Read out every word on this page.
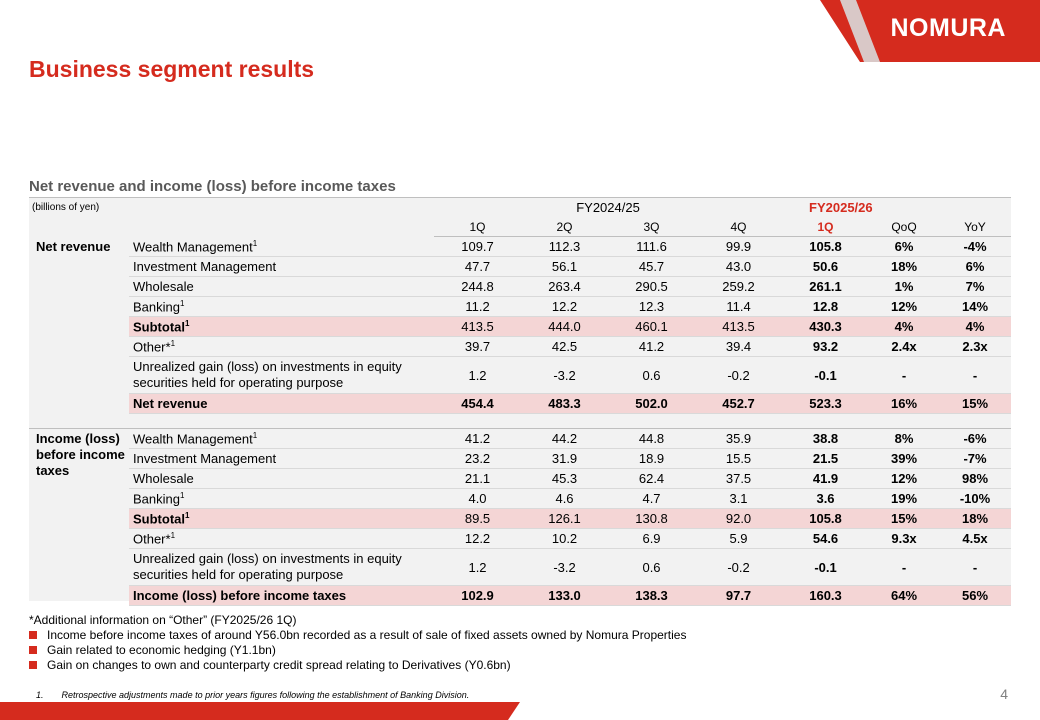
NOMURA
Business segment results
Net revenue and income (loss) before income taxes
(billions of yen)		FY2024/25				FY2025/26		
		1Q	2Q	3Q	4Q	1Q	QoQ	YoY
Net revenue	Wealth Management$^1$	109.7	112.3	111.6	99.9	105.8	6%	-4%
	Investment Management	47.7	56.1	45.7	43.0	50.6	18%	6%
	Wholesale	244.8	263.4	290.5	259.2	261.1	1%	7%
	Banking$^1$	11.2	12.2	12.3	11.4	12.8	12%	14%
	Subtotal$^1$	413.5	444.0	460.1	413.5	430.3	4%	4%
	Other*$^1$	39.7	42.5	41.2	39.4	93.2	2.4x	2.3x
	Unrealized gain (loss) on investments in equity securities held for operating purpose	1.2	-3.2	0.6	-0.2	-0.1	-	-
	Net revenue	454.4	483.3	502.0	452.7	523.3	16%	15%

Income (loss) before income taxes	Wealth Management$^1$	41.2	44.2	44.8	35.9	38.8	8%	-6%
	Investment Management	23.2	31.9	18.9	15.5	21.5	39%	-7%
	Wholesale	21.1	45.3	62.4	37.5	41.9	12%	98%
	Banking$^1$	4.0	4.6	4.7	3.1	3.6	19%	-10%
	Subtotal$^1$	89.5	126.1	130.8	92.0	105.8	15%	18%
	Other*$^1$	12.2	10.2	6.9	5.9	54.6	9.3x	4.5x
	Unrealized gain (loss) on investments in equity securities held for operating purpose	1.2	-3.2	0.6	-0.2	-0.1	-	-
	Income (loss) before income taxes	102.9	133.0	138.3	97.7	160.3	64%	56%
*Additional information on “Other” (FY2025/26 1Q)
Income before income taxes of around Y56.0bn recorded as a result of sale of fixed assets owned by Nomura Properties
Gain related to economic hedging (Y1.1bn)
Gain on changes to own and counterparty credit spread relating to Derivatives (Y0.6bn)
1.  Retrospective adjustments made to prior years figures following the establishment of Banking Division.	4
